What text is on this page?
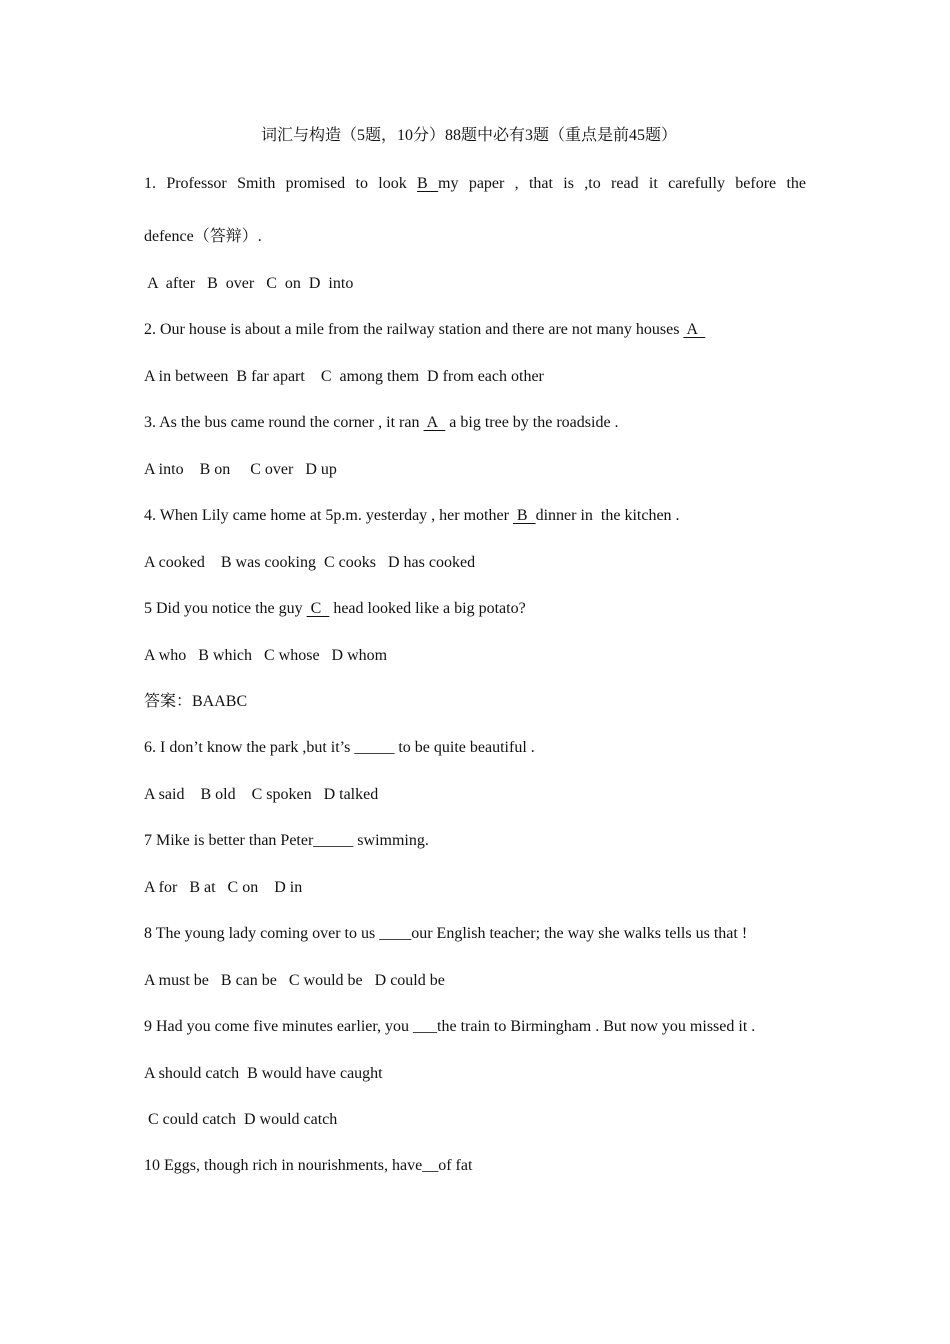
词汇与构造（5题，10分）88题中必有3题（重点是前45题）

1. Professor Smith promised to look B my paper , that is ,to read it carefully before the

defence（答辩）.

A  after   B  over   C  on  D  into

2. Our house is about a mile from the railway station and there are not many houses  A

A in between  B far apart    C  among them  D from each other

3. As the bus came round the corner , it ran  A   a big tree by the roadside .

A into    B on     C over   D up

4. When Lily came home at 5p.m. yesterday , her mother  B  dinner in  the kitchen .

A cooked    B was cooking  C cooks   D has cooked

5 Did you notice the guy  C   head looked like a big potato?

A who   B which   C whose   D whom

答案：BAABC

6. I don’t know the park ,but it’s _____ to be quite beautiful .

A said    B old    C spoken   D talked

7 Mike is better than Peter_____ swimming.

A for   B at   C on    D in

8 The young lady coming over to us ____our English teacher; the way she walks tells us that !

A must be   B can be   C would be   D could be

9 Had you come five minutes earlier, you ___the train to Birmingham . But now you missed it .

A should catch  B would have caught

C could catch  D would catch

10 Eggs, though rich in nourishments, have__of fat
